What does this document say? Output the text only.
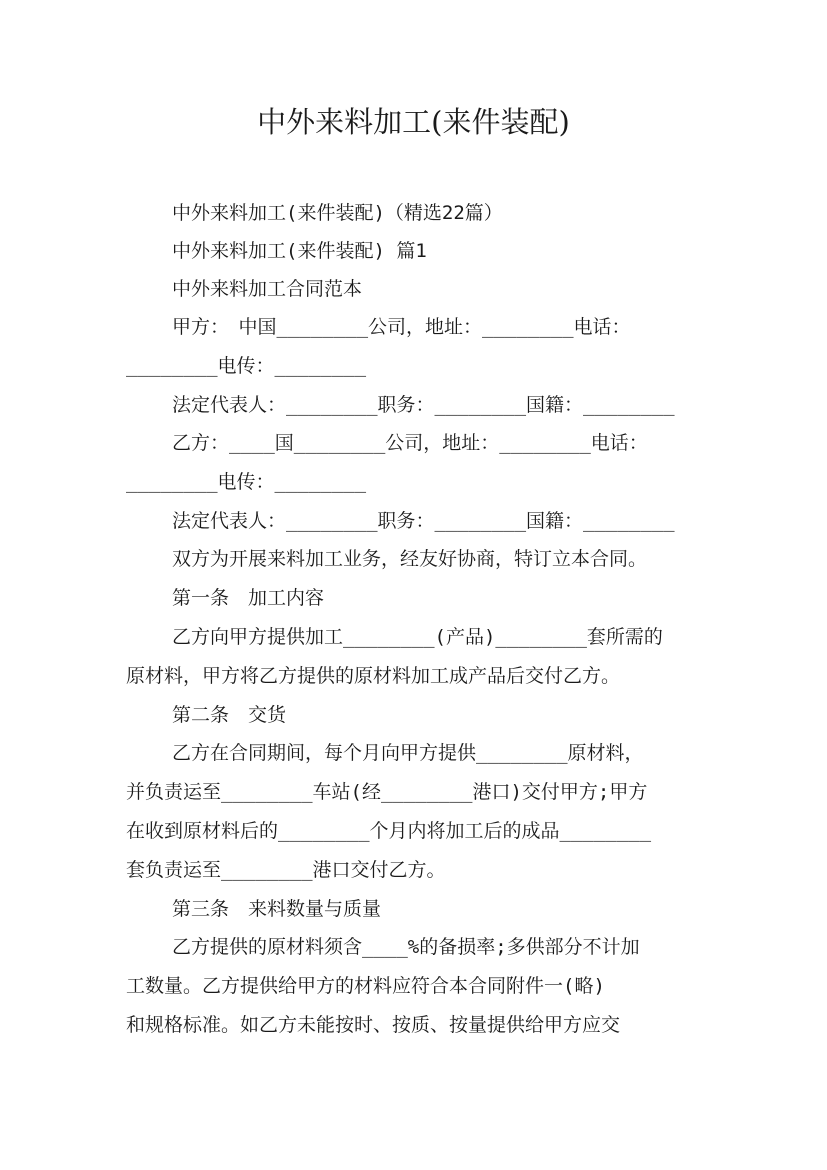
中外来料加工(来件装配)
中外来料加工(来件装配)（精选22篇）
中外来料加工(来件装配) 篇1
中外来料加工合同范本
甲方：　中国________公司，地址：________电话：
________电传：________
法定代表人：________职务：________国籍：________
乙方：____国________公司，地址：________电话：
________电传：________
法定代表人：________职务：________国籍：________
双方为开展来料加工业务，经友好协商，特订立本合同。
第一条　加工内容
乙方向甲方提供加工________(产品)________套所需的
原材料，甲方将乙方提供的原材料加工成产品后交付乙方。
第二条　交货
乙方在合同期间，每个月向甲方提供________原材料，
并负责运至________车站(经________港口)交付甲方;甲方
在收到原材料后的________个月内将加工后的成品________
套负责运至________港口交付乙方。
第三条　来料数量与质量
乙方提供的原材料须含____%的备损率;多供部分不计加
工数量。乙方提供给甲方的材料应符合本合同附件一(略)
和规格标准。如乙方未能按时、按质、按量提供给甲方应交
